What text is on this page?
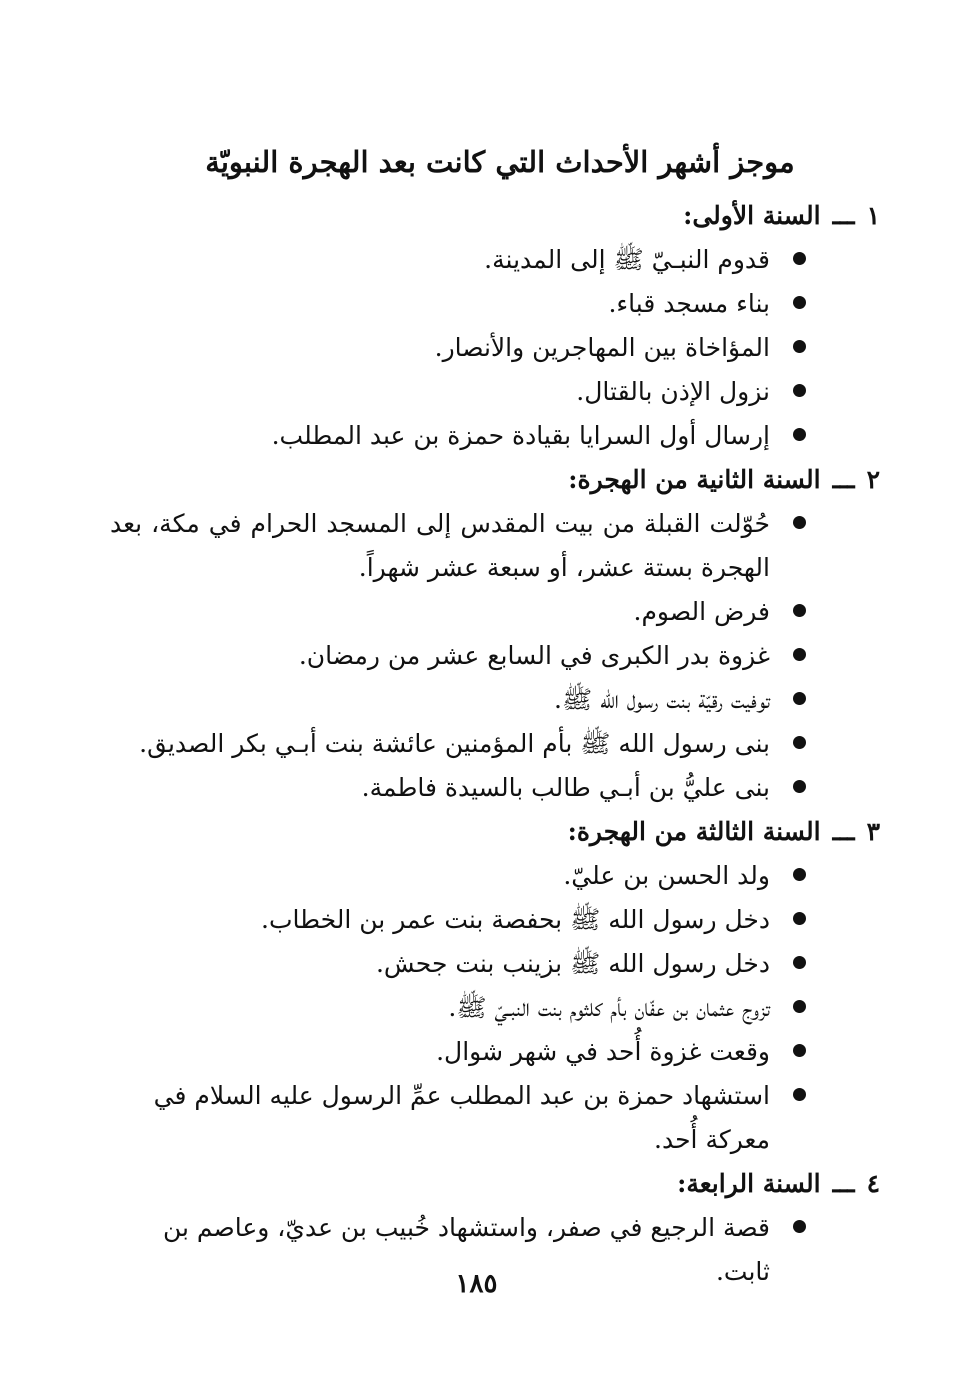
موجز أشهر الأحداث التي كانت بعد الهجرة النبويّة
١ـــالسنة الأولى:
قدوم النبـيّ ﷺ إلى المدينة.
بناء مسجد قباء.
المؤاخاة بين المهاجرين والأنصار.
نزول الإذن بالقتال.
إرسال أول السرايا بقيادة حمزة بن عبد المطلب.
٢ـــالسنة الثانية من الهجرة:
حُوّلت القبلة من بيت المقدس إلى المسجد الحرام في مكة، بعد الهجرة بستة عشر، أو سبعة عشر شهراً.
فرض الصوم.
غزوة بدر الكبرى في السابع عشر من رمضان.
توفيت رقيّة بنت رسول الله ﷺ.
بنى رسول الله ﷺ بأم المؤمنين عائشة بنت أبـي بكر الصديق.
بنى عليُّ بن أبـي طالب بالسيدة فاطمة.
٣ـــالسنة الثالثة من الهجرة:
ولد الحسن بن عليّ.
دخل رسول الله ﷺ بحفصة بنت عمر بن الخطاب.
دخل رسول الله ﷺ بزينب بنت جحش.
تزوج عثمان بن عفّان بأم كلثوم بنت النبـيّ ﷺ.
وقعت غزوة أُحد في شهر شوال.
استشهاد حمزة بن عبد المطلب عمِّ الرسول عليه السلام في معركة أُحد.
٤ـــالسنة الرابعة:
قصة الرجيع في صفر، واستشهاد خُبيب بن عديّ، وعاصم بن ثابت.
١٨٥
